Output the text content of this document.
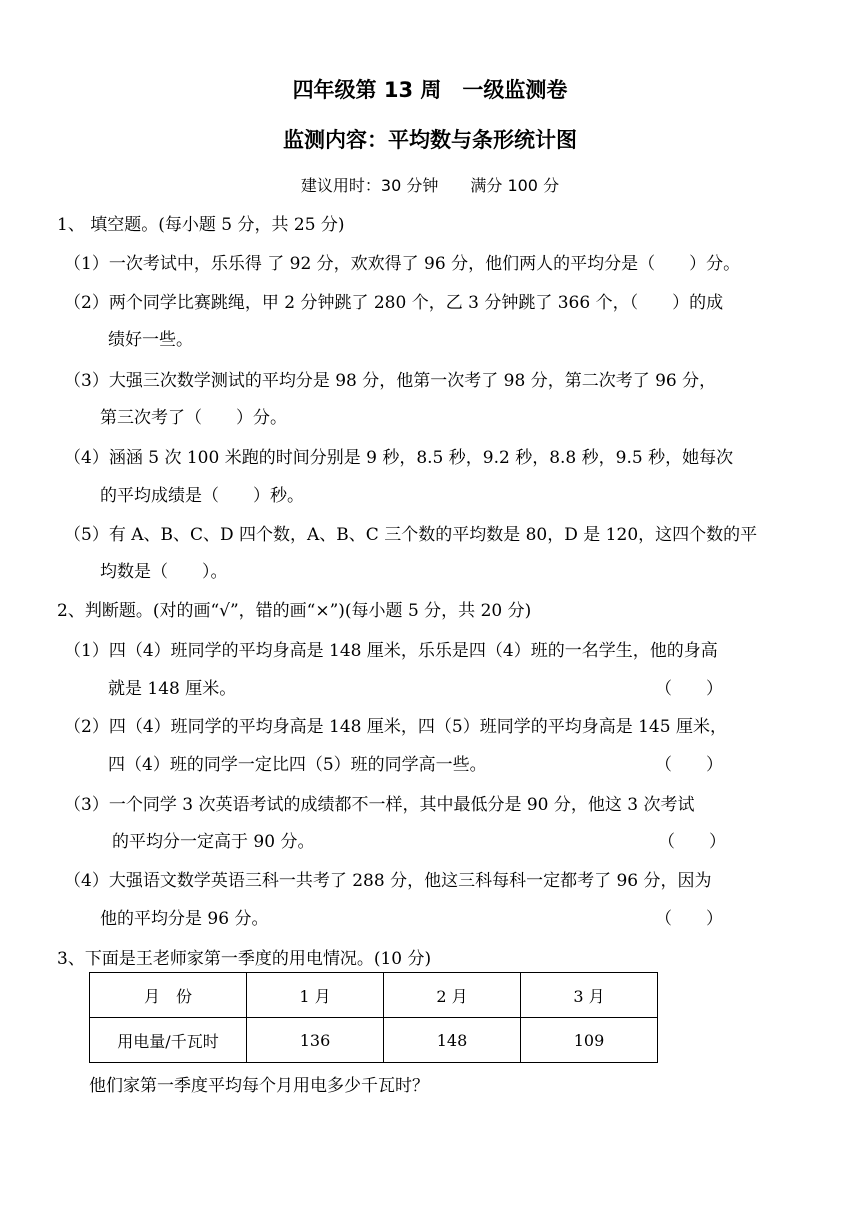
四年级第 13 周　一级监测卷
监测内容：平均数与条形统计图
建议用时：30 分钟　　满分 100 分
1、 填空题。(每小题 5 分，共 25 分)
（1）一次考试中，乐乐得 了 92 分，欢欢得了 96 分，他们两人的平均分是（　　）分。
（2）两个同学比赛跳绳，甲 2 分钟跳了 280 个，乙 3 分钟跳了 366 个，（　　）的成
绩好一些。
（3）大强三次数学测试的平均分是 98 分，他第一次考了 98 分，第二次考了 96 分，
第三次考了（　　）分。
（4）涵涵 5 次 100 米跑的时间分别是 9 秒，8.5 秒，9.2 秒，8.8 秒，9.5 秒，她每次
的平均成绩是（　　）秒。
（5）有 A、B、C、D 四个数，A、B、C 三个数的平均数是 80，D 是 120，这四个数的平
均数是（　　）。
2、判断题。(对的画“√”，错的画“×”)(每小题 5 分，共 20 分)
（1）四（4）班同学的平均身高是 148 厘米，乐乐是四（4）班的一名学生，他的身高
就是 148 厘米。	（　　）
（2）四（4）班同学的平均身高是 148 厘米，四（5）班同学的平均身高是 145 厘米，
四（4）班的同学一定比四（5）班的同学高一些。	（　　）
（3）一个同学 3 次英语考试的成绩都不一样，其中最低分是 90 分，他这 3 次考试
的平均分一定高于 90 分。	（　　）
（4）大强语文数学英语三科一共考了 288 分，他这三科每科一定都考了 96 分，因为
他的平均分是 96 分。	（　　）
3、下面是王老师家第一季度的用电情况。(10 分)
月　份	1 月	2 月	3 月
用电量/千瓦时	136	148	109
他们家第一季度平均每个月用电多少千瓦时？
